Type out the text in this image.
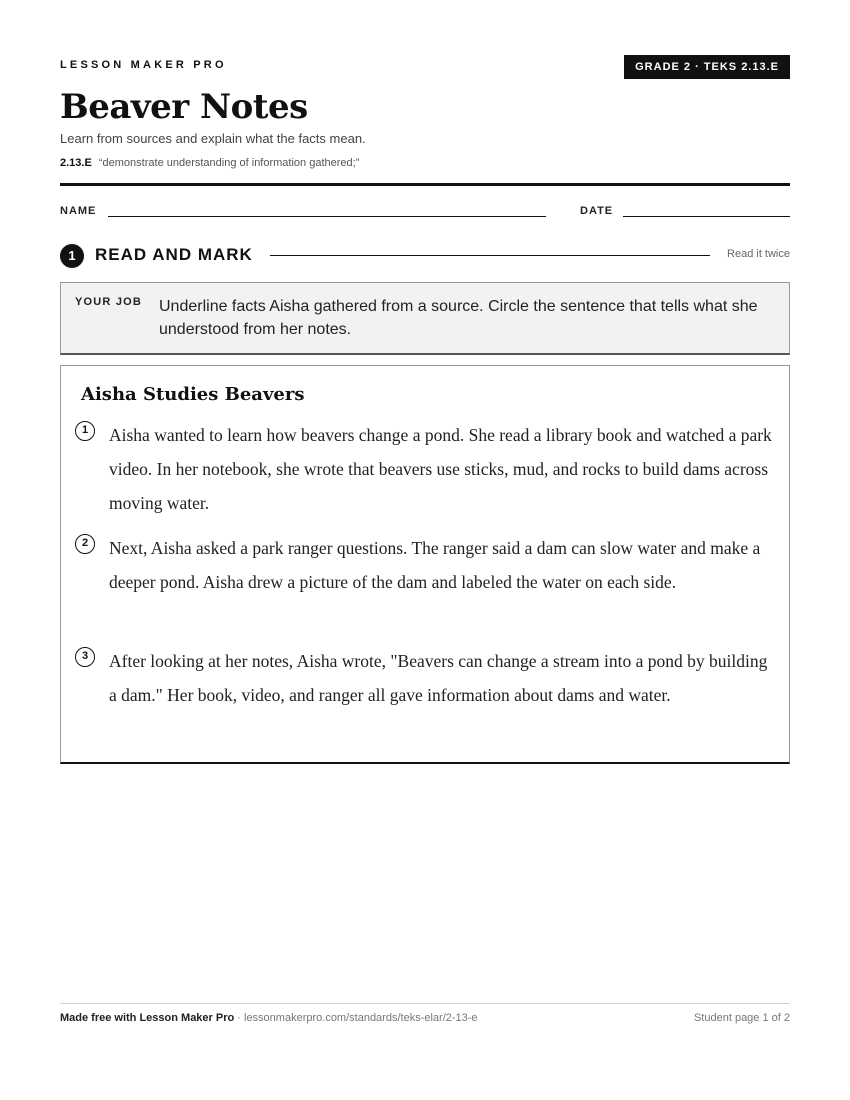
LESSON MAKER PRO	GRADE 2 · TEKS 2.13.E
Beaver Notes
Learn from sources and explain what the facts mean.
2.13.E “demonstrate understanding of information gathered;”
NAME	DATE
1	READ AND MARK	Read it twice
YOUR JOB Underline facts Aisha gathered from a source. Circle the sentence that tells what she understood from her notes.
Aisha Studies Beavers
1	Aisha wanted to learn how beavers change a pond. She read a library book and watched a park video. In her notebook, she wrote that beavers use sticks, mud, and rocks to build dams across moving water.
2	Next, Aisha asked a park ranger questions. The ranger said a dam can slow water and make a deeper pond. Aisha drew a picture of the dam and labeled the water on each side.
3	After looking at her notes, Aisha wrote, "Beavers can change a stream into a pond by building a dam." Her book, video, and ranger all gave information about dams and water.
Made free with Lesson Maker Pro · lessonmakerpro.com/standards/teks-elar/2-13-e	Student page 1 of 2
